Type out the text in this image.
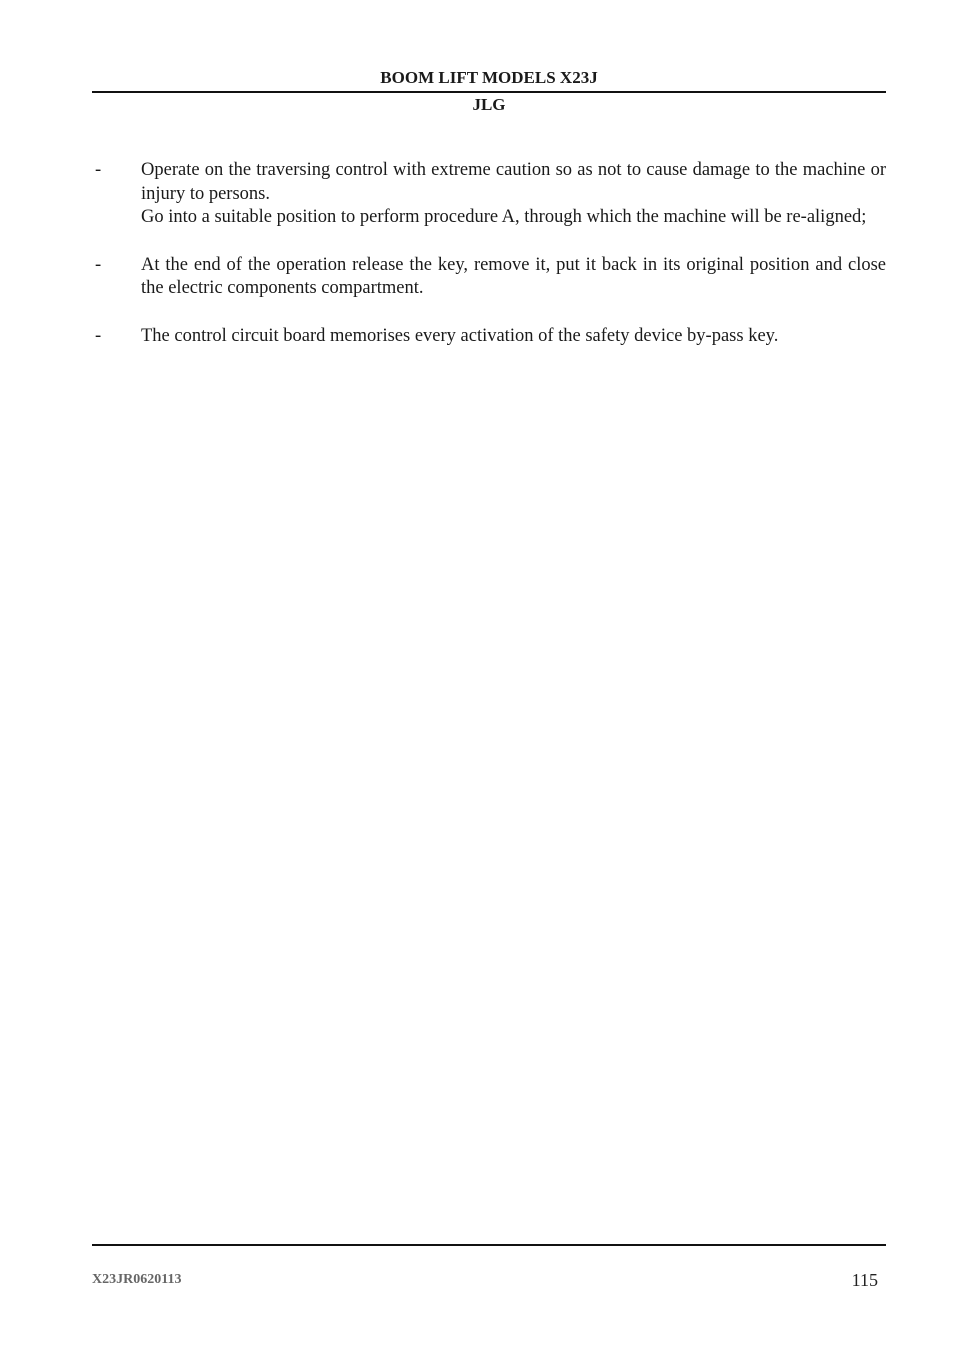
BOOM LIFT MODELS X23J
JLG
- Operate on the traversing control with extreme caution so as not to cause damage to the machine or injury to persons.

Go into a suitable position to perform procedure A, through which the machine will be re-aligned;

- At the end of the operation release the key, remove it, put it back in its original position and close the electric components compartment.

- The control circuit board memorises every activation of the safety device by-pass key.

X23JR0620113	115
